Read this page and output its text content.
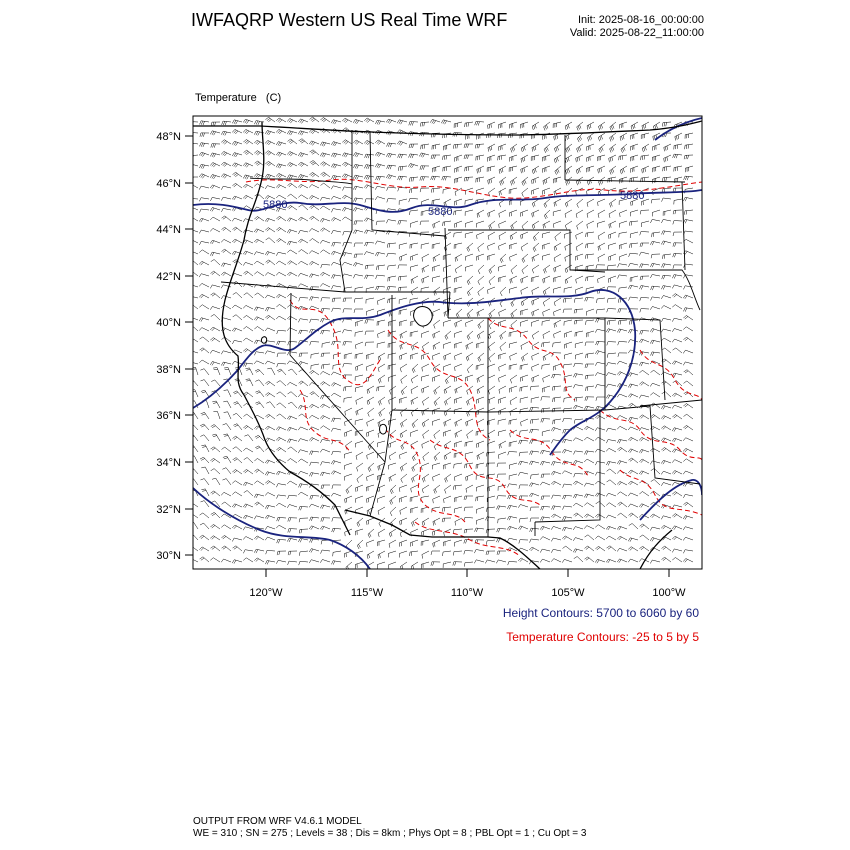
IWFAQRP Western US Real Time WRF	Init: 2025-08-16_00:00:00
Valid: 2025-08-22_11:00:00

Temperature   (C)

5880
5880
5880
48°N
46°N
44°N
42°N
40°N
38°N
36°N
34°N
32°N
30°N
120°W	115°W	110°W	105°W	100°W
Height Contours: 5700 to 6060 by 60
Temperature Contours: -25 to 5 by 5
OUTPUT FROM WRF V4.6.1 MODEL
WE = 310 ; SN = 275 ; Levels = 38 ; Dis = 8km ; Phys Opt = 8 ; PBL Opt = 1 ; Cu Opt = 3
